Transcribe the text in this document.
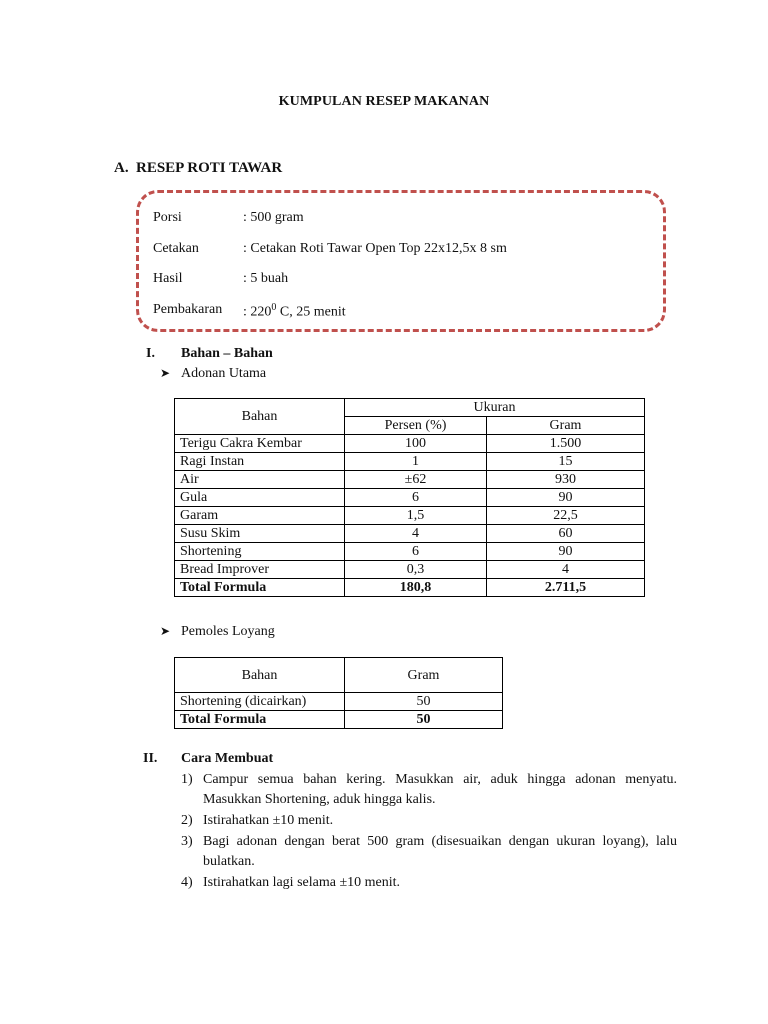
KUMPULAN RESEP MAKANAN
A. RESEP ROTI TAWAR
Porsi	: 500 gram
Cetakan	: Cetakan Roti Tawar Open Top 22x12,5x 8 sm
Hasil	: 5 buah
Pembakaran	: $220^0$ C, 25 menit
I. Bahan – Bahan
➤ Adonan Utama
Bahan	Ukuran	
	Persen (%)	Gram
Terigu Cakra Kembar	100	1.500
Ragi Instan	1	15
Air	±62	930
Gula	6	90
Garam	1,5	22,5
Susu Skim	4	60
Shortening	6	90
Bread Improver	0,3	4
Total Formula	180,8	2.711,5
➤ Pemoles Loyang
Bahan	Gram
Shortening (dicairkan)	50
Total Formula	50
II. Cara Membuat
1) Campur semua bahan kering. Masukkan air, aduk hingga adonan menyatu. Masukkan Shortening, aduk hingga kalis.
2) Istirahatkan ±10 menit.
3) Bagi adonan dengan berat 500 gram (disesuaikan dengan ukuran loyang), lalu bulatkan.
4) Istirahatkan lagi selama ±10 menit.
